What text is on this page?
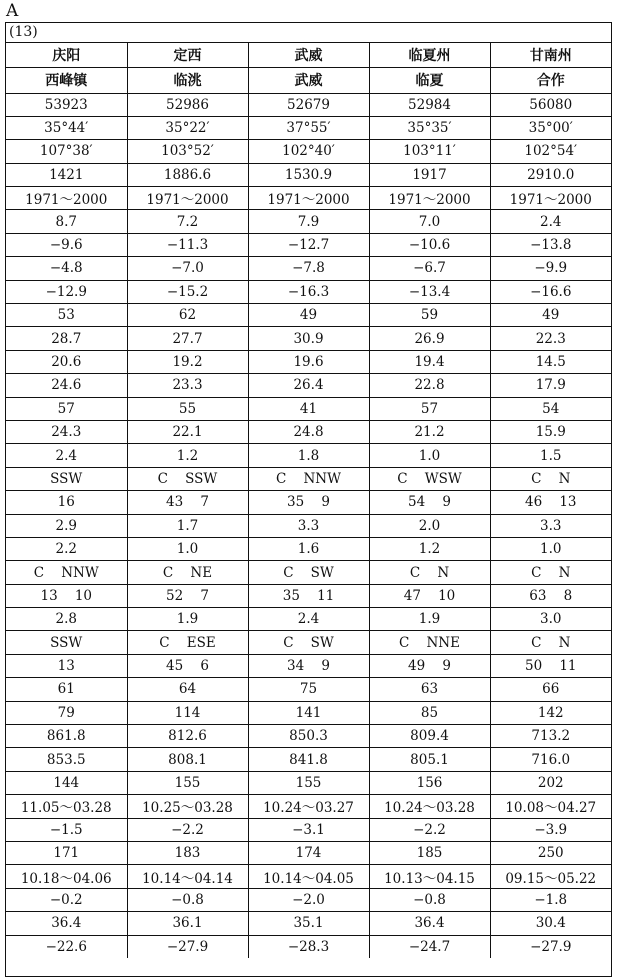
A
(13)
庆阳	定西	武威	临夏州	甘南州
西峰镇	临洮	武威	临夏	合作
53923	52986	52679	52984	56080
35°44′	35°22′	37°55′	35°35′	35°00′
107°38′	103°52′	102°40′	103°11′	102°54′
1421	1886.6	1530.9	1917	2910.0
1971～2000	1971～2000	1971～2000	1971～2000	1971～2000
8.7	7.2	7.9	7.0	2.4
−9.6	−11.3	−12.7	−10.6	−13.8
−4.8	−7.0	−7.8	−6.7	−9.9
−12.9	−15.2	−16.3	−13.4	−16.6
53	62	49	59	49
28.7	27.7	30.9	26.9	22.3
20.6	19.2	19.6	19.4	14.5
24.6	23.3	26.4	22.8	17.9
57	55	41	57	54
24.3	22.1	24.8	21.2	15.9
2.4	1.2	1.8	1.0	1.5
SSW	C    SSW	C    NNW	C    WSW	C    N
16	43    7	35    9	54    9	46    13
2.9	1.7	3.3	2.0	3.3
2.2	1.0	1.6	1.2	1.0
C    NNW	C    NE	C    SW	C    N	C    N
13    10	52    7	35    11	47    10	63    8
2.8	1.9	2.4	1.9	3.0
SSW	C    ESE	C    SW	C    NNE	C    N
13	45    6	34    9	49    9	50    11
61	64	75	63	66
79	114	141	85	142
861.8	812.6	850.3	809.4	713.2
853.5	808.1	841.8	805.1	716.0
144	155	155	156	202
11.05～03.28	10.25～03.28	10.24～03.27	10.24～03.28	10.08～04.27
−1.5	−2.2	−3.1	−2.2	−3.9
171	183	174	185	250
10.18～04.06	10.14～04.14	10.14～04.05	10.13～04.15	09.15～05.22
−0.2	−0.8	−2.0	−0.8	−1.8
36.4	36.1	35.1	36.4	30.4
−22.6	−27.9	−28.3	−24.7	−27.9
